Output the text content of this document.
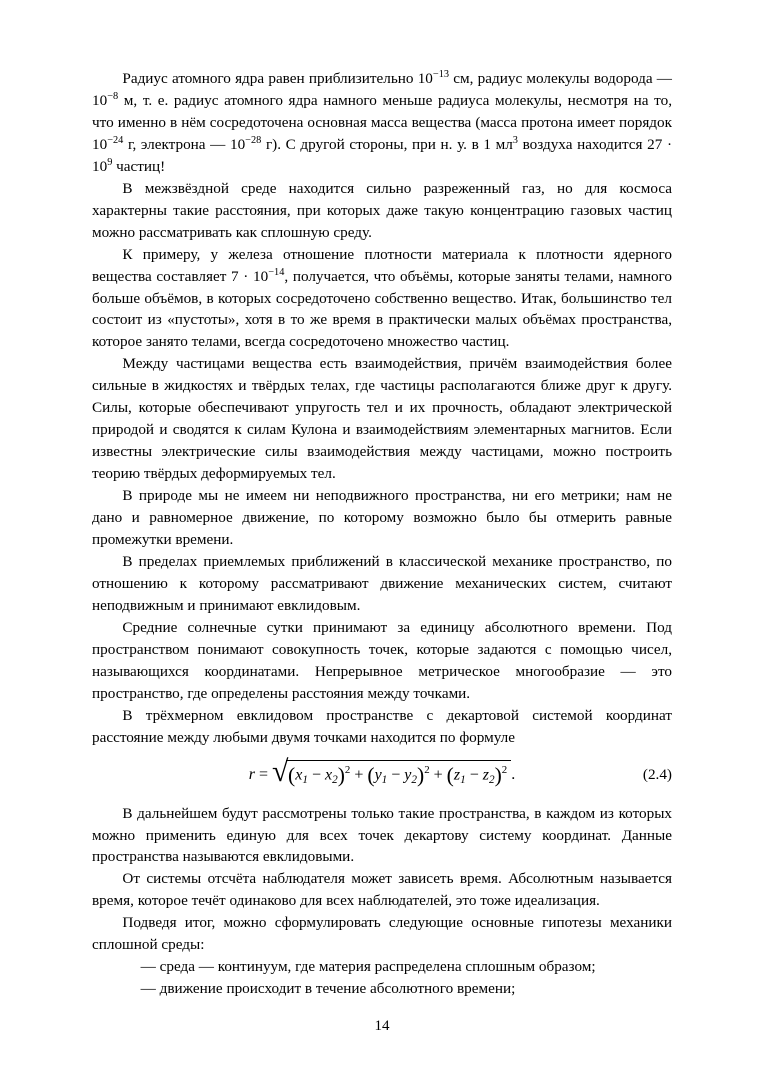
Радиус атомного ядра равен приблизительно $10^{-13}$ см, радиус молекулы водорода — $10^{-8}$ м, т. е. радиус атомного ядра намного меньше радиуса молекулы, несмотря на то, что именно в нём сосредоточена основная масса вещества (масса протона имеет порядок $10^{-24}$ г, электрона — $10^{-28}$ г). С другой стороны, при н. у. в 1 $мл^3$ воздуха находится $27 \cdot 10^9$ частиц!

В межзвёздной среде находится сильно разреженный газ, но для космоса характерны такие расстояния, при которых даже такую концентрацию газовых частиц можно рассматривать как сплошную среду.

К примеру, у железа отношение плотности материала к плотности ядерного вещества составляет $7 \cdot 10^{-14}$, получается, что объёмы, которые заняты телами, намного больше объёмов, в которых сосредоточено собственно вещество. Итак, большинство тел состоит из «пустоты», хотя в то же время в практически малых объёмах пространства, которое занято телами, всегда сосредоточено множество частиц.

Между частицами вещества есть взаимодействия, причём взаимодействия более сильные в жидкостях и твёрдых телах, где частицы располагаются ближе друг к другу. Силы, которые обеспечивают упругость тел и их прочность, обладают электрической природой и сводятся к силам Кулона и взаимодействиям элементарных магнитов. Если известны электрические силы взаимодействия между частицами, можно построить теорию твёрдых деформируемых тел.

В природе мы не имеем ни неподвижного пространства, ни его метрики; нам не дано и равномерное движение, по которому возможно было бы отмерить равные промежутки времени.

В пределах приемлемых приближений в классической механике пространство, по отношению к которому рассматривают движение механических систем, считают неподвижным и принимают евклидовым.

Средние солнечные сутки принимают за единицу абсолютного времени. Под пространством понимают совокупность точек, которые задаются с помощью чисел, называющихся координатами. Непрерывное метрическое многообразие — это пространство, где определены расстояния между точками.

В трёхмерном евклидовом пространстве с декартовой системой координат расстояние между любыми двумя точками находится по формуле

r = √ $(x_1 - x_2)^2 + (y_1 - y_2)^2 + (z_1 - z_2)^2$ .	(2.4)

В дальнейшем будут рассмотрены только такие пространства, в каждом из которых можно применить единую для всех точек декартову систему координат. Данные пространства называются евклидовыми.

От системы отсчёта наблюдателя может зависеть время. Абсолютным называется время, которое течёт одинаково для всех наблюдателей, это тоже идеализация.

Подведя итог, можно сформулировать следующие основные гипотезы механики сплошной среды:

— среда — континуум, где материя распределена сплошным образом;

— движение происходит в течение абсолютного времени;

14
